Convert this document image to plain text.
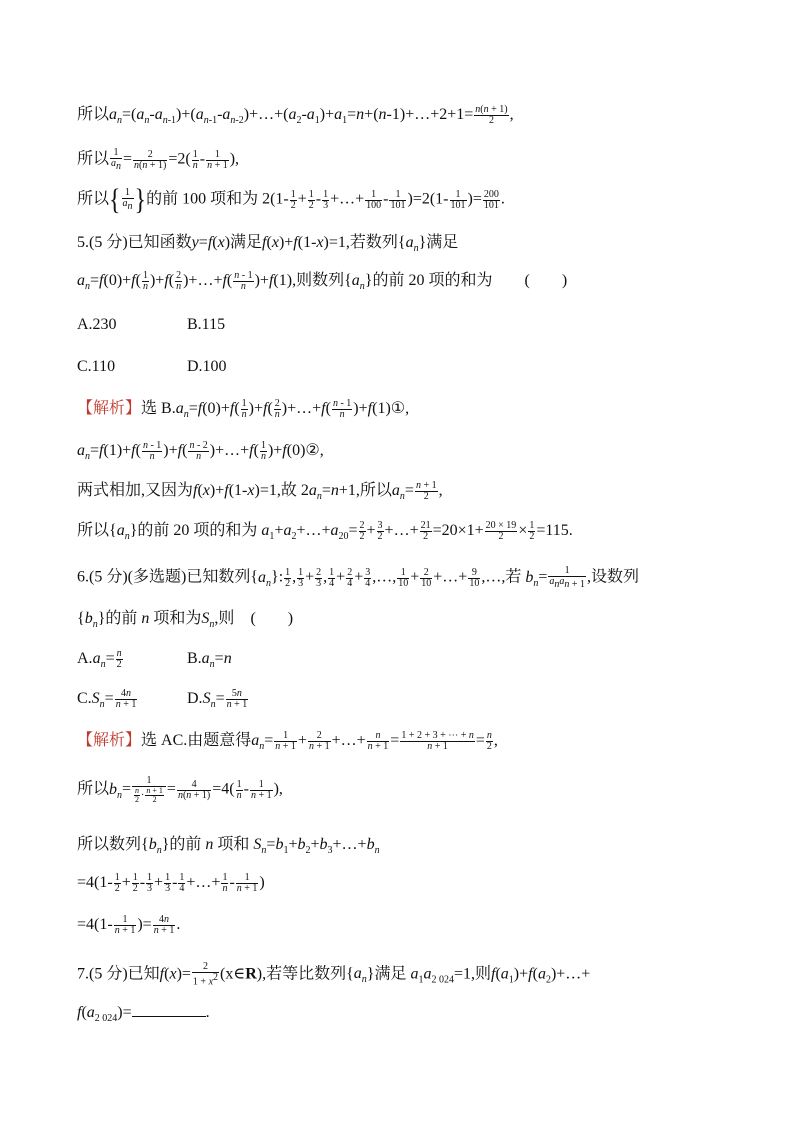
所以$a_n=(a_n-a_{n-1})+(a_{n-1}-a_{n-2})+\dots+(a_2-a_1)+a_1=n+(n-1)+\dots+2+1= \frac{n(n + 1)}{2}$ ,
所以 $\frac{1}{a_n} = \frac{2}{n(n + 1)} =2( \frac{1}{n} - \frac{1}{n + 1}$ ),
所以{ $\frac{1}{a_n}$ }的前 100 项和为 $2(1- \frac{1}{2} + \frac{1}{2} - \frac{1}{3}$ +…+ $\frac{1}{100} - \frac{1}{101} )=2(1- \frac{1}{101}$ )= $\frac{200}{101}$ .
5.(5 分)已知函数y=f(x)满足f(x)+f(1-x)=1,若数列$\{a_n\}$满足
$a_n=f(0)+f( \frac{1}{n} )+f( \frac{2}{n}$ )+…+f( $\frac{n - 1}{n} )+f(1)$,则数列$\{a_n\}$的前 20 项的和为　　 (　　)
A.230	B.115
C.110	D.100
【解析】选 $B.a_n=f(0)+f( \frac{1}{n} )+f( \frac{2}{n}$ )+…+f( $\frac{n - 1}{n}$ )+f(1)①,
$a_n=f(1)+f( \frac{n - 1}{n} )+f( \frac{n - 2}{n}$ )+…+f( $\frac{1}{n}$ )+f(0)②,
两式相加,又因为f(x)+f(1-x)=1,故 $2a_n=n+1$,所以$a_n= \frac{n + 1}{2}$ ,
所以$\{a_n\}$的前 20 项的和为 $a_1+a_2+\dots+a_{20}= \frac{2}{2} + \frac{3}{2}$ +…+ $\frac{21}{2} =20\times 1+ \frac{20 \times 19}{2} \times \frac{1}{2} =115$.
6.(5 分)(多选题)已知数列$\{a_n\}$: $\frac{1}{2}$ , $\frac{1}{3} + \frac{2}{3}$ , $\frac{1}{4} + \frac{2}{4} + \frac{3}{4}$ ,…, $\frac{1}{10} + \frac{2}{10}$ +…+ $\frac{9}{10}$ ,…,若 $b_n= \frac{1}{a_na_{n + 1}}$ ,设数列
$\{b_n\}$的前 n 项和为$S_n$,则　 (　　)
$A.a_n= \frac{n}{2}$	$B.a_n=n$
$C.S_n= \frac{4n}{n + 1}$	$D.S_n= \frac{5n}{n + 1}$
【解析】选 AC.由题意得$a_n= \frac{1}{n + 1} + \frac{2}{n + 1}$ +…+ $\frac{n}{n + 1} = \frac{1 + 2 + 3 + \cdots + n}{n + 1} = \frac{n}{2}$ ,
所以$b_n= \frac{1}{\frac{n}{2} \cdot \frac{n + 1}{2}} = \frac{4}{n(n + 1)} =4( \frac{1}{n} - \frac{1}{n + 1}$ ),
所以数列$\{b_n\}$的前 n 项和 $S_n=b_1+b_2+b_3+\dots+b_n$
$=4(1- \frac{1}{2} + \frac{1}{2} - \frac{1}{3} + \frac{1}{3} - \frac{1}{4}$ +…+ $\frac{1}{n} - \frac{1}{n + 1}$ )
$=4(1- \frac{1}{n + 1}$ )= $\frac{4n}{n + 1}$ .
7.(5 分)已知$f(x)= \frac{2}{1 + x^2}$ (x∈R),若等比数列$\{a_n\}$满足 $a_1a_{2 024}=1$,则$f(a_1)+f(a_2)+\dots+$
$f(a_{2 024})=$	.
